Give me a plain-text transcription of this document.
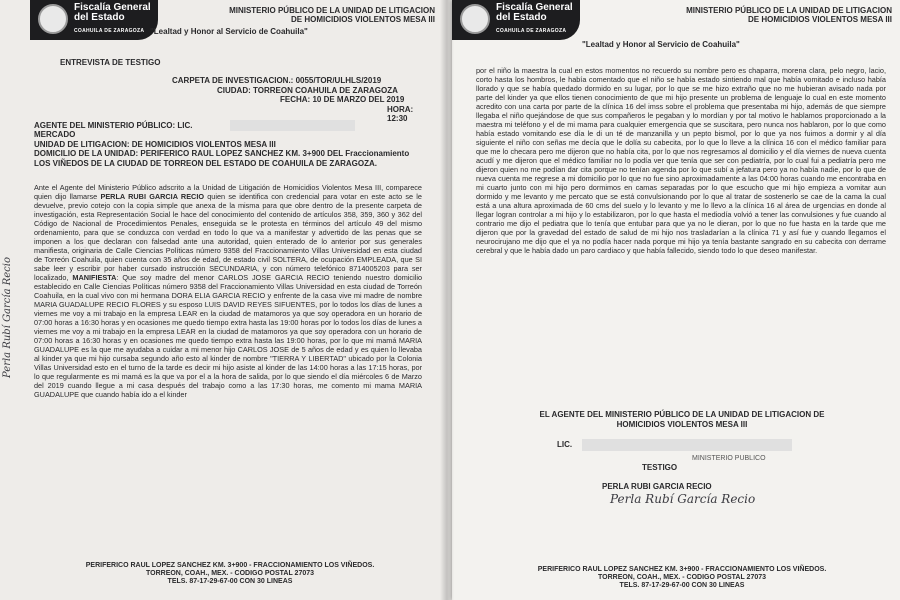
Fiscalía General del Estado
COAHUILA DE ZARAGOZA
MINISTERIO PÚBLICO DE LA UNIDAD DE LITIGACION
DE HOMICIDIOS VIOLENTOS MESA III
"Lealtad y Honor al Servicio de Coahuila"
ENTREVISTA DE TESTIGO
CARPETA DE INVESTIGACION.: 0055/TOR/ULHLS/2019
CIUDAD: TORREON COAHUILA DE ZARAGOZA
FECHA: 10 DE MARZO DEL 2019
HORA: 12:30
AGENTE DEL MINISTERIO PÚBLICO: LIC.
MERCADO
UNIDAD DE LITIGACION: DE HOMICIDIOS VIOLENTOS MESA III
DOMICILIO DE LA UNIDAD: PERIFERICO RAUL LOPEZ SANCHEZ KM. 3+900 DEL Fraccionamiento LOS VIÑEDOS DE LA CIUDAD DE TORREON DEL ESTADO DE COAHUILA DE ZARAGOZA.
Ante el Agente del Ministerio Público adscrito a la Unidad de Litigación de Homicidios Violentos Mesa III, comparece quien dijo llamarse PERLA RUBI GARCIA RECIO quien se identifica con credencial para votar en este acto se le devuelve, previo cotejo con la copia simple que anexa de la misma para que obre dentro de la presente carpeta de investigación, esta Representación Social le hace del conocimiento del contenido de artículos 358, 359, 360 y 362 del Código de Nacional de Procedimientos Penales, enseguida se le protesta en términos del artículo 49 del mismo ordenamiento, para que se conduzca con verdad en todo lo que va a manifestar y advertido de las penas que se imponen a los que declaran con falsedad ante una autoridad, quien enterado de lo anterior por sus generales manifiesta, originaria de Calle Ciencias Políticas número 9358 del Fraccionamiento Villas Universidad en esta ciudad de Torreón Coahuila, quien cuenta con 35 años de edad, de estado civil SOLTERA, de ocupación EMPLEADA, que SI sabe leer y escribir por haber cursado instrucción SECUNDARIA, y con número telefónico 8714005203 para ser localizado, MANIFIESTA: Que soy madre del menor CARLOS JOSE GARCIA RECIO teniendo nuestro domicilio establecido en Calle Ciencias Políticas número 9358 del Fraccionamiento Villas Universidad en esta ciudad de Torreón Coahuila, en la cual vivo con mi hermana DORA ELIA GARCIA RECIO y enfrente de la casa vive mi madre de nombre MARIA GUADALUPE RECIO FLORES y su esposo LUIS DAVID REYES SIFUENTES, por lo todos los días de lunes a viernes me voy a mi trabajo en la empresa LEAR en la ciudad de matamoros ya que soy operadora en un horario de 07:00 horas a 16:30 horas y en ocasiones me quedo tiempo extra hasta las 19:00 horas por lo todos los días de lunes a viernes me voy a mi trabajo en la empresa LEAR en la ciudad de matamoros ya que soy operadora con un horario de 07:00 horas a 16:30 horas y en ocasiones me quedo tiempo extra hasta las 19:00 horas, por lo que mi mamá MARIA GUADALUPE es la que me ayudaba a cuidar a mi menor hijo CARLOS JOSE de 5 años de edad y es quien lo llevaba al kinder ya que mi hijo cursaba segundo año esto al kinder de nombre "TIERRA Y LIBERTAD" ubicado por la Colonia Villas Universidad esto en el turno de la tarde es decir mi hijo asiste al kinder de las 14:00 horas a las 17:15 horas, por lo que regularmente es mi mamá es la que va por el a la hora de salida, por lo que siendo el día miércoles 6 de Marzo del 2019 cuando llegue a mi casa después del trabajo como a las 17:30 horas, me comento mi mama MARIA GUADALUPE que cuando había ido a el kinder
PERIFERICO RAUL LOPEZ SANCHEZ KM. 3+900 - FRACCIONAMIENTO LOS VIÑEDOS.
TORREON, COAH., MEX. - CODIGO POSTAL 27073
TELS. 87-17-29-67-00 CON 30 LINEAS
Perla Rubí García Recio
Fiscalía General del Estado
COAHUILA DE ZARAGOZA
MINISTERIO PÚBLICO DE LA UNIDAD DE LITIGACION
DE HOMICIDIOS VIOLENTOS MESA III
"Lealtad y Honor al Servicio de Coahuila"
por el niño la maestra la cual en estos momentos no recuerdo su nombre pero es chaparra, morena clara, pelo negro, lacio, corto hasta los hombros, le había comentado que el niño se había estado sintiendo mal que había vomitado e incluso había llorado y que se había quedado dormido en su lugar, por lo que se me hizo extraño que no me hubieran avisado nada por parte del kinder ya que ellos tienen conocimiento de que mi hijo presente un problema de lenguaje lo cual en este momento acredito con una carta por parte de la clínica 16 del imss sobre el problema que presentaba mi hijo, además de que siempre llegaba el niño quejándose de que sus compañeros le pegaban y lo mordían y por tal motivo le hablamos proporcionado a la maestra mi teléfono y el de mi mama para cualquier emergencia que se suscitara, pero nunca nos hablaron, por lo que como había estado vomitando ese día le di un té de manzanilla y un pepto bismol, por lo que ya nos fuimos a dormir y al día siguiente el niño con señas me decía que le dolía su cabecita, por lo que lo lleve a la clínica 16 con el médico familiar para que me lo checara pero me dijeron que no había cita, por lo que nos regresamos al domicilio y el día viernes de nueva cuenta acudí y me dijeron que el médico familiar no lo podía ver que tenía que ser con pediatría, por lo cual fui a pediatría pero me dijeron quien no me podían dar cita porque no tenían agenda por lo que subí a jefatura pero ya no había nadie, por lo que de nueva cuenta me regrese a mi domicilio por lo que no fue sino aproximadamente a las 04:00 horas cuando me encontraba en mi cuarto junto con mi hijo pero dormimos en camas separadas por lo que escucho que mi hijo empieza a vomitar aun dormido y me levanto y me percato que se está convulsionando por lo que al tratar de sostenerlo se cae de la cama la cual está a una altura aproximada de 60 cms del suelo y lo levanto y me lo llevo a la clínica 16 al área de urgencias en donde al llegar logran controlar a mi hijo y lo estabilizaron, por lo que hasta el mediodía volvió a tener las convulsiones y fue cuando al contrario me dijo el pediatra que lo tenía que entubar para que ya no le dieran, por lo que no fue hasta en la tarde que me dijeron que por la gravedad del estado de salud de mi hijo nos trasladarían a la clínica 71 y así fue y cuando llegamos el neurocirujano me dijo que el ya no podía hacer nada porque mi hijo ya tenía bastante sangrado en su cabecita con derrame cerebral y que le había dado un paro cardiaco y que había fallecido, siendo todo lo que deseo manifestar.
EL AGENTE DEL MINISTERIO PÚBLICO DE LA UNIDAD DE LITIGACION DE
HOMICIDIOS VIOLENTOS MESA III
LIC.
MINISTERIO PUBLICO
TESTIGO
PERLA RUBI GARCIA RECIO
Perla Rubí García Recio
PERIFERICO RAUL LOPEZ SANCHEZ KM. 3+900 - FRACCIONAMIENTO LOS VIÑEDOS.
TORREON, COAH., MEX. - CODIGO POSTAL 27073
TELS. 87-17-29-67-00 CON 30 LINEAS
